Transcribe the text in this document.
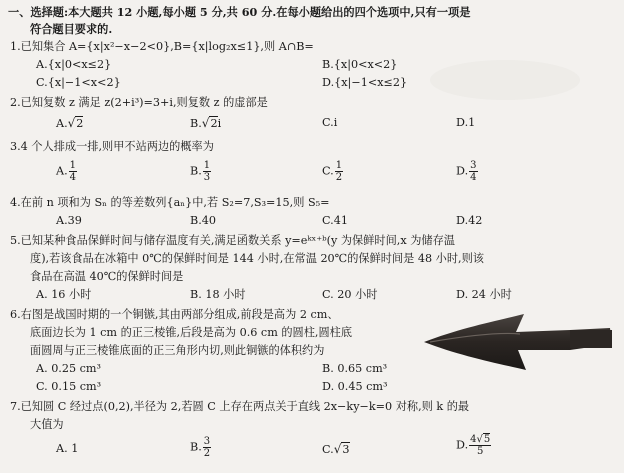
一、选择题:本大题共 12 小题,每小题 5 分,共 60 分.在每小题给出的四个选项中,只有一项是
符合题目要求的.
1.已知集合 A={x|x²−x−2<0},B={x|log₂x≤1},则 A∩B=
A.{x|0<x≤2}	B.{x|0<x<2}
C.{x|−1<x<2}	D.{x|−1<x≤2}
2.已知复数 z 满足 z(2+i³)=3+i,则复数 z 的虚部是
A.√2	B.√2i	C.i	D.1
3.4 个人排成一排,则甲不站两边的概率为
A. $\frac{1}{4}$	B. $\frac{1}{3}$	C. $\frac{1}{2}$	D. $\frac{3}{4}$
4.在前 n 项和为 Sₙ 的等差数列{aₙ}中,若 S₂=7,S₃=15,则 S₅=
A.39	B.40	C.41	D.42
5.已知某种食品保鲜时间与储存温度有关,满足函数关系 y=eᵏˣ⁺ᵇ(y 为保鲜时间,x 为储存温
度),若该食品在冰箱中 0℃的保鲜时间是 144 小时,在常温 20℃的保鲜时间是 48 小时,则该
食品在高温 40℃的保鲜时间是
A. 16 小时	B. 18 小时	C. 20 小时	D. 24 小时
6.右图是战国时期的一个铜镞,其由两部分组成,前段是高为 2 cm、
底面边长为 1 cm 的正三棱锥,后段是高为 0.6 cm 的圆柱,圆柱底
面圆周与正三棱锥底面的正三角形内切,则此铜镞的体积约为
A. 0.25 cm³	B. 0.65 cm³
C. 0.15 cm³	D. 0.45 cm³
7.已知圆 C 经过点(0,2),半径为 2,若圆 C 上存在两点关于直线 2x−ky−k=0 对称,则 k 的最
大值为
A. 1	B. $\frac{3}{2}$	C.√3	D. $\frac{4√5}{5}$
